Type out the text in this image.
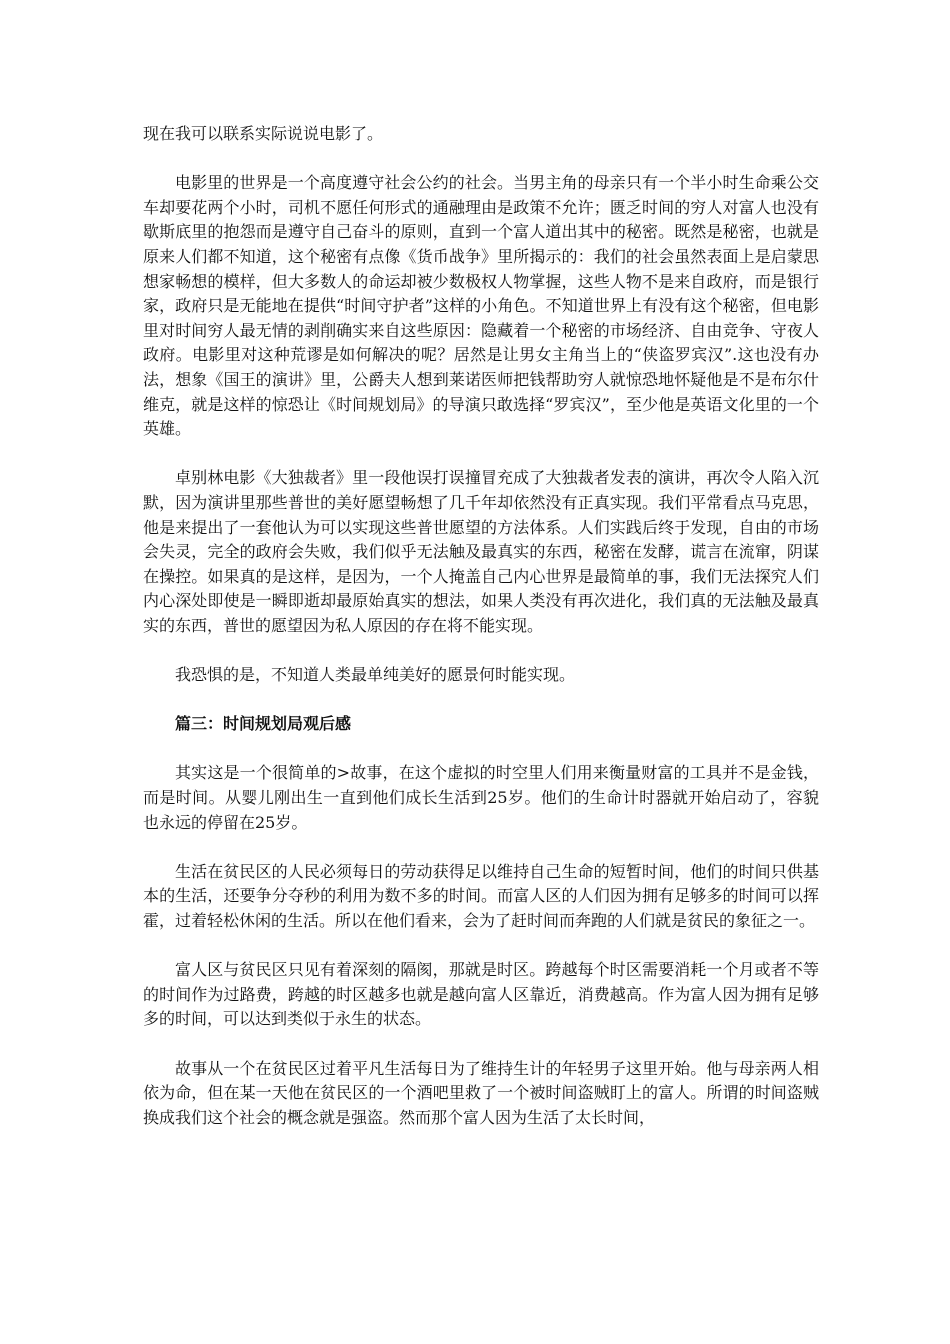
现在我可以联系实际说说电影了。

电影里的世界是一个高度遵守社会公约的社会。当男主角的母亲只有一个半小时生命乘公交车却要花两个小时，司机不愿任何形式的通融理由是政策不允许；匮乏时间的穷人对富人也没有歇斯底里的抱怨而是遵守自己奋斗的原则，直到一个富人道出其中的秘密。既然是秘密，也就是原来人们都不知道，这个秘密有点像《货币战争》里所揭示的：我们的社会虽然表面上是启蒙思想家畅想的模样，但大多数人的命运却被少数极权人物掌握，这些人物不是来自政府，而是银行家，政府只是无能地在提供“时间守护者”这样的小角色。不知道世界上有没有这个秘密，但电影里对时间穷人最无情的剥削确实来自这些原因：隐藏着一个秘密的市场经济、自由竞争、守夜人政府。电影里对这种荒谬是如何解决的呢？居然是让男女主角当上的“侠盗罗宾汉”.这也没有办法，想象《国王的演讲》里，公爵夫人想到莱诺医师把钱帮助穷人就惊恐地怀疑他是不是布尔什维克，就是这样的惊恐让《时间规划局》的导演只敢选择“罗宾汉”，至少他是英语文化里的一个英雄。

卓别林电影《大独裁者》里一段他误打误撞冒充成了大独裁者发表的演讲，再次令人陷入沉默，因为演讲里那些普世的美好愿望畅想了几千年却依然没有正真实现。我们平常看点马克思，他是来提出了一套他认为可以实现这些普世愿望的方法体系。人们实践后终于发现，自由的市场会失灵，完全的政府会失败，我们似乎无法触及最真实的东西，秘密在发酵，谎言在流窜，阴谋在操控。如果真的是这样，是因为，一个人掩盖自己内心世界是最简单的事，我们无法探究人们内心深处即使是一瞬即逝却最原始真实的想法，如果人类没有再次进化，我们真的无法触及最真实的东西，普世的愿望因为私人原因的存在将不能实现。

我恐惧的是，不知道人类最单纯美好的愿景何时能实现。

篇三：时间规划局观后感

其实这是一个很简单的>故事，在这个虚拟的时空里人们用来衡量财富的工具并不是金钱，而是时间。从婴儿刚出生一直到他们成长生活到25岁。他们的生命计时器就开始启动了，容貌也永远的停留在25岁。

生活在贫民区的人民必须每日的劳动获得足以维持自己生命的短暂时间，他们的时间只供基本的生活，还要争分夺秒的利用为数不多的时间。而富人区的人们因为拥有足够多的时间可以挥霍，过着轻松休闲的生活。所以在他们看来，会为了赶时间而奔跑的人们就是贫民的象征之一。

富人区与贫民区只见有着深刻的隔阂，那就是时区。跨越每个时区需要消耗一个月或者不等的时间作为过路费，跨越的时区越多也就是越向富人区靠近，消费越高。作为富人因为拥有足够多的时间，可以达到类似于永生的状态。

故事从一个在贫民区过着平凡生活每日为了维持生计的年轻男子这里开始。他与母亲两人相依为命，但在某一天他在贫民区的一个酒吧里救了一个被时间盗贼盯上的富人。所谓的时间盗贼换成我们这个社会的概念就是强盗。然而那个富人因为生活了太长时间，
